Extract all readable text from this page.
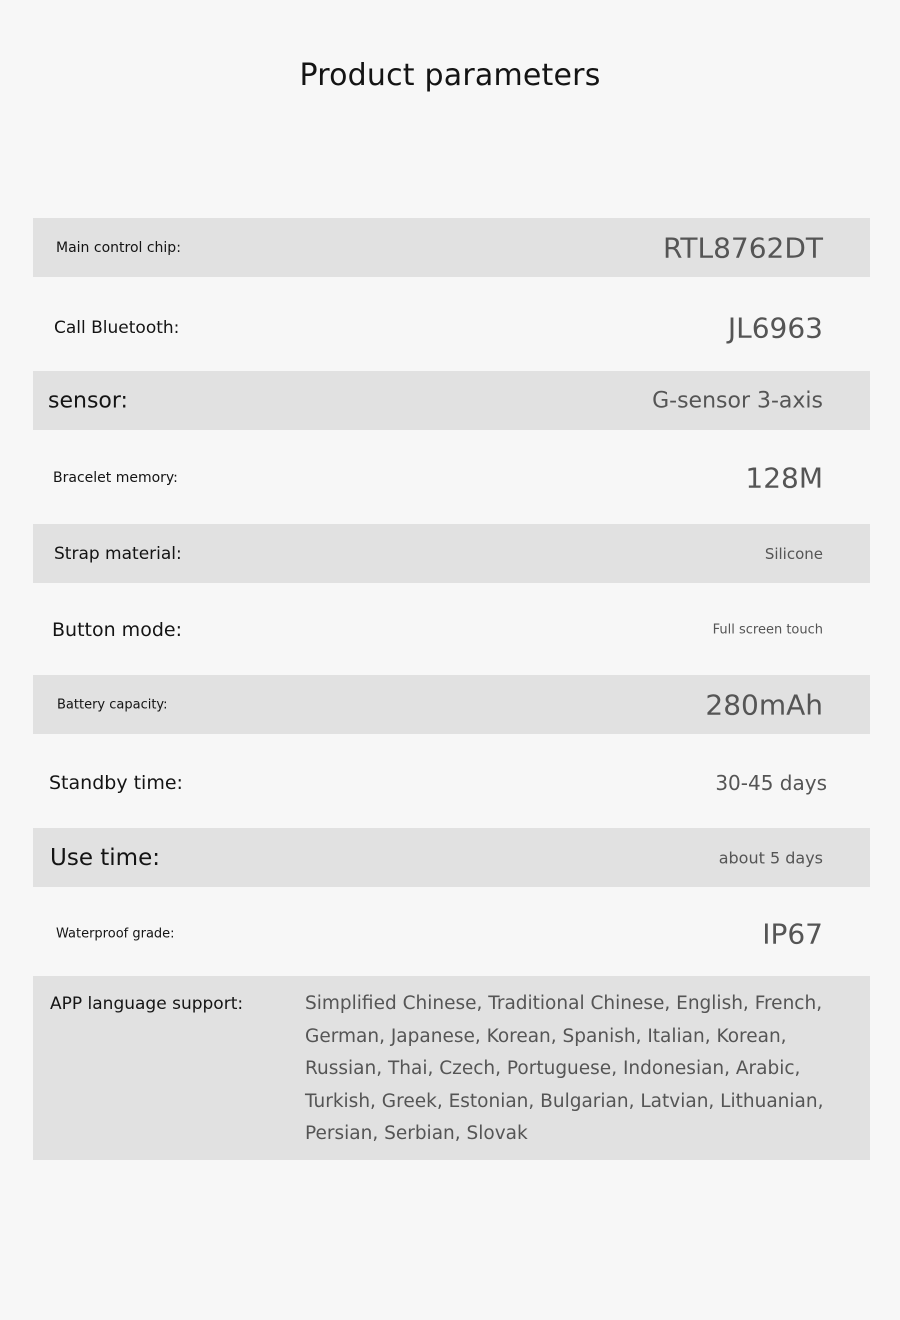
Product parameters
Main control chip:	RTL8762DT
Call Bluetooth:	JL6963
sensor:	G-sensor 3-axis
Bracelet memory:	128M
Strap material:	Silicone
Button mode:	Full screen touch
Battery capacity:	280mAh
Standby time:	30-45 days
Use time:	about 5 days
Waterproof grade:	IP67
APP language support:	Simplified Chinese, Traditional Chinese, English, French, German, Japanese, Korean, Spanish, Italian, Korean, Russian, Thai, Czech, Portuguese, Indonesian, Arabic, Turkish, Greek, Estonian, Bulgarian, Latvian, Lithuanian, Persian, Serbian, Slovak
